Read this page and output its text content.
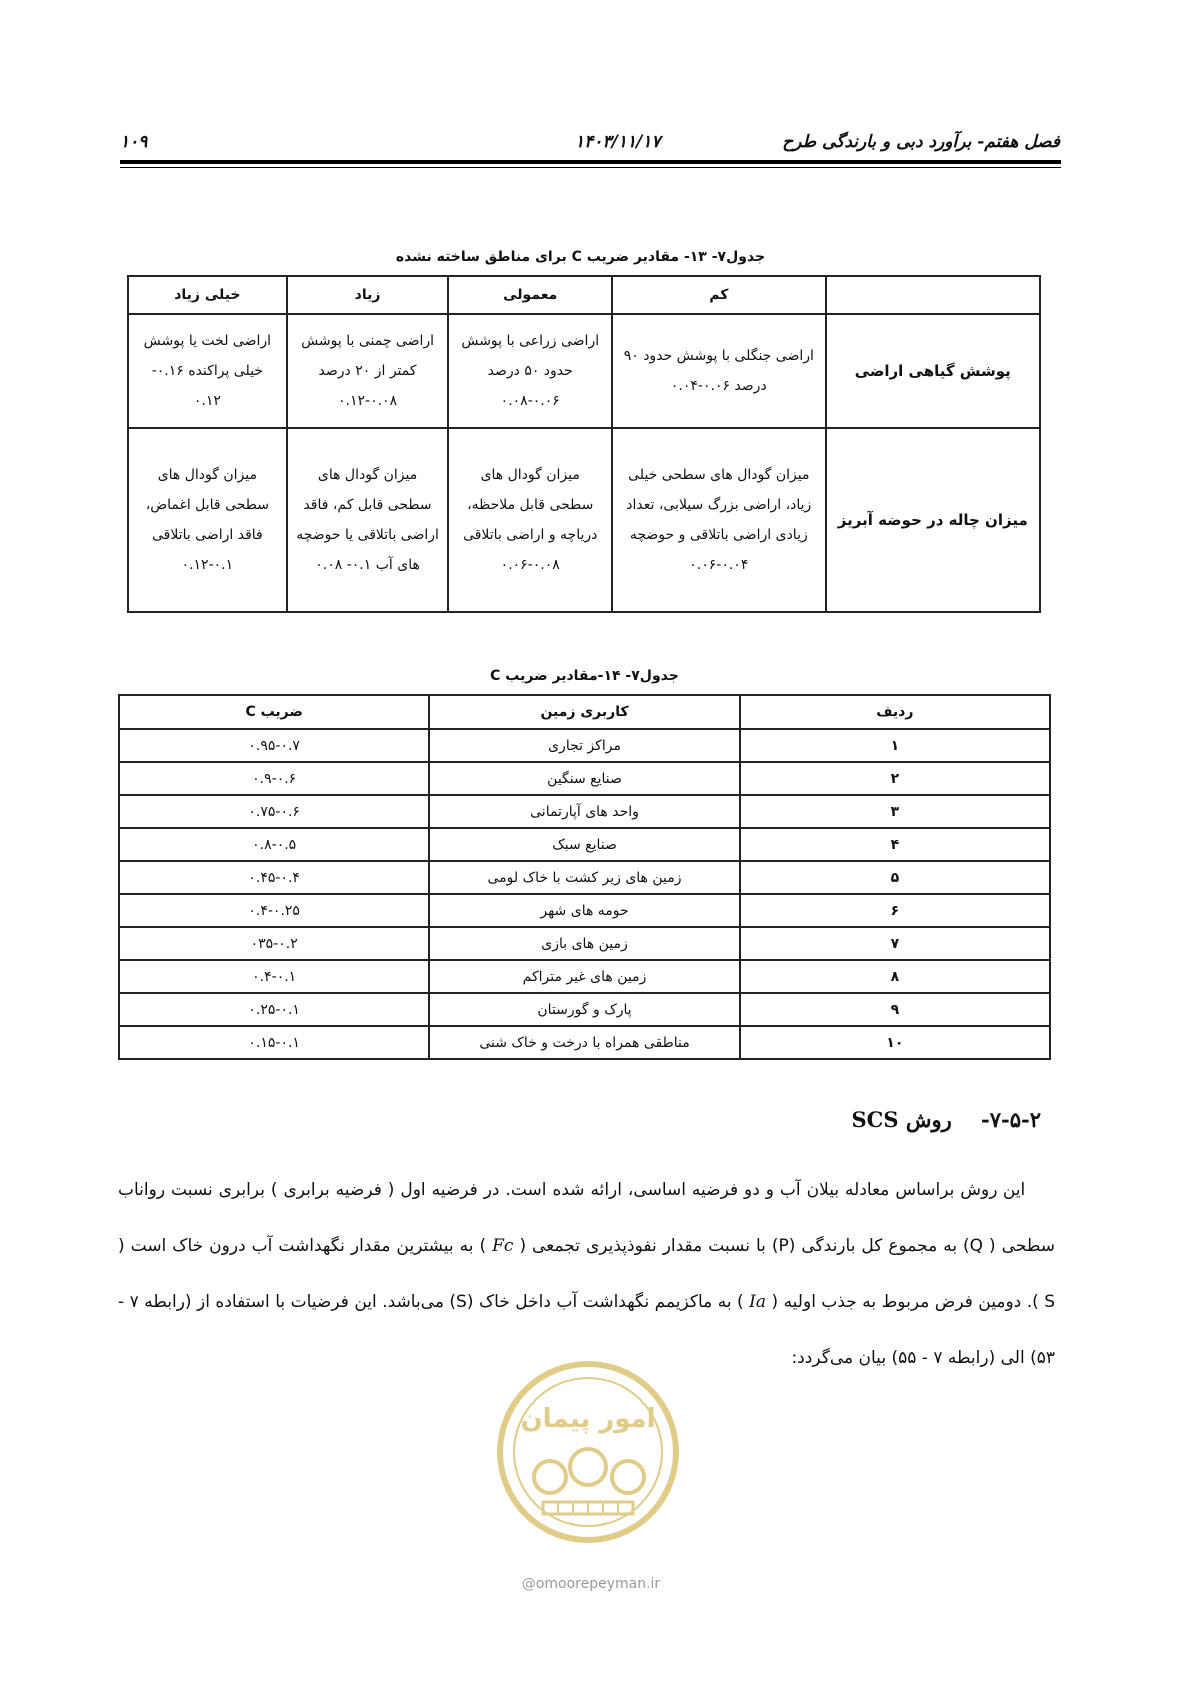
فصل هفتم- برآورد دبی و بارندگی طرح
۱۴۰۳/۱۱/۱۷
۱۰۹
جدول۷- ۱۳- مقادیر ضریب C برای مناطق ساخته نشده
	کم	معمولی	زیاد	خیلی زیاد
پوشش گیاهی اراضی	اراضی جنگلی با پوشش حدود ۹۰ درصد ۰.۰۶-۰.۰۴	اراضی زراعی با پوشش حدود ۵۰ درصد ۰.۰۶-۰.۰۸	اراضی چمنی با پوشش کمتر از ۲۰ درصد ۰.۰۸-۰.۱۲	اراضی لخت یا پوشش خیلی پراکنده ۰.۱۶- ۰.۱۲
میزان چاله در حوضه آبریز	میزان گودال های سطحی خیلی زیاد، اراضی بزرگ سیلابی، تعداد زیادی اراضی باتلاقی و حوضچه ۰.۰۴-۰.۰۶	میزان گودال های سطحی قابل ملاحظه، دریاچه و اراضی باتلاقی ۰.۰۸-۰.۰۶	میزان گودال های سطحی قابل کم، فاقد اراضی باتلاقی یا حوضچه های آب ۰.۱- ۰.۰۸	میزان گودال های سطحی قابل اغماض، فاقد اراضی باتلاقی ۰.۱-۰.۱۲
جدول۷- ۱۴-مقادیر ضریب C
ردیف	کاربری زمین	ضریب C
۱	مراکز تجاری	۰.۹۵-۰.۷
۲	صنایع سنگین	۰.۹-۰.۶
۳	واحد های آپارتمانی	۰.۷۵-۰.۶
۴	صنایع سبک	۰.۸-۰.۵
۵	زمین های زیر کشت با خاک لومی	۰.۴۵-۰.۴
۶	حومه های شهر	۰.۴-۰.۲۵
۷	زمین های بازی	۰۳۵-۰.۲
۸	زمین های غیر متراکم	۰.۴-۰.۱
۹	پارک و گورستان	۰.۲۵-۰.۱
۱۰	مناطقی همراه با درخت و خاک شنی	۰.۱۵-۰.۱
۷-۵-۲-    روش SCS
این روش براساس معادله بیلان آب و دو فرضیه اساسی، ارائه شده است. در فرضیه اول ( فرضیه برابری ) برابری نسبت رواناب سطحی ( Q) به مجموع کل بارندگی (P) با نسبت مقدار نفوذپذیری تجمعی ( Fc ) به بیشترین مقدار نگهداشت آب درون خاک است ( S ). دومین فرض مربوط به جذب اولیه ( Ia ) به ماکزیمم نگهداشت آب داخل خاک (S) می‌باشد. این فرضیات با استفاده از (رابطه ۷ - ۵۳) الی (رابطه ۷ - ۵۵) بیان می‌گردد:
امور پیمان
@omoorepeyman.ir
